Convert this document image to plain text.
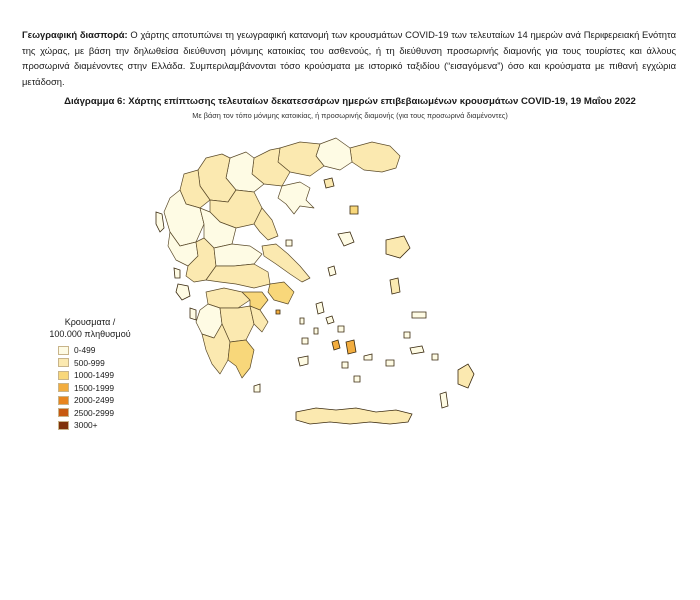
Γεωγραφική διασπορά: Ο χάρτης αποτυπώνει τη γεωγραφική κατανομή των κρουσμάτων COVID-19 των τελευταίων 14 ημερών ανά Περιφερειακή Ενότητα της χώρας, με βάση την δηλωθείσα διεύθυνση μόνιμης κατοικίας του ασθενούς, ή τη διεύθυνση προσωρινής διαμονής για τους τουρίστες και άλλους προσωρινά διαμένοντες στην Ελλάδα. Συμπεριλαμβάνονται τόσο κρούσματα με ιστορικό ταξιδίου (“εισαγόμενα”) όσο και κρούσματα με πιθανή εγχώρια μετάδοση.
Διάγραμμα 6: Χάρτης επίπτωσης τελευταίων δεκατεσσάρων ημερών επιβεβαιωμένων κρουσμάτων COVID-19, 19 Μαΐου 2022
Με βάση τον τόπο μόνιμης κατοικίας, ή προσωρινής διαμονής (για τους προσωρινά διαμένοντες)
Κρουσματα /
100.000 πληθυσμού
0-499
500-999
1000-1499
1500-1999
2000-2499
2500-2999
3000+
